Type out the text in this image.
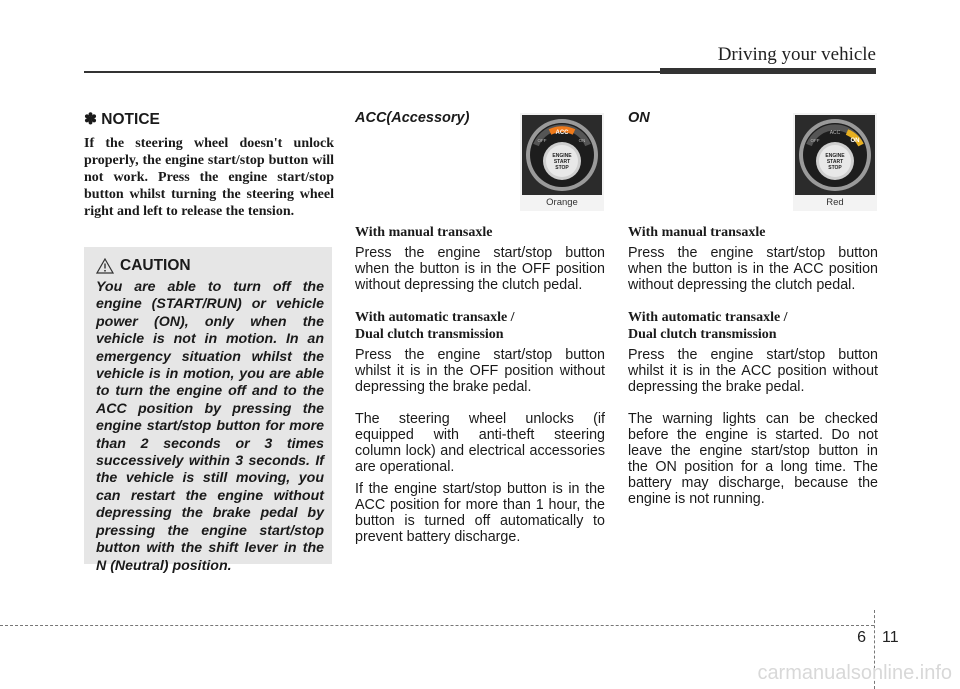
Driving your vehicle

✽ NOTICE

If the steering wheel doesn't unlock properly, the engine start/stop button will not work. Press the engine start/stop button whilst turning the steering wheel right and left to release the tension.

CAUTION

You are able to turn off the engine (START/RUN) or vehicle power (ON), only when the vehicle is not in motion. In an emergency situation whilst the vehicle is in motion, you are able to turn the engine off and to the ACC position by pressing the engine start/stop button for more than 2 seconds or 3 times successively within 3 seconds. If the vehicle is still moving, you can restart the engine without depressing the brake pedal by pressing the engine start/stop button with the shift lever in the N (Neutral) position.

ACC(Accessory)

With manual transaxle

Press the engine start/stop button when the button is in the OFF position without depressing the clutch pedal.

With automatic transaxle /

Dual clutch transmission

Press the engine start/stop button whilst it is in the OFF position without depressing the brake pedal.

The steering wheel unlocks (if equipped with anti-theft steering column lock) and electrical accessories are operational.

If the engine start/stop button is in the ACC position for more than 1 hour, the button is turned off automatically to prevent battery discharge.

ACC
OFF	ON
ENGINE
START
STOP
Orange

ON

With manual transaxle

Press the engine start/stop button when the button is in the ACC position without depressing the clutch pedal.

With automatic transaxle /

Dual clutch transmission

Press the engine start/stop button whilst it is in the ACC position without depressing the brake pedal.

The warning lights can be checked before the engine is started. Do not leave the engine start/stop button in the ON position for a long time. The battery may discharge, because the engine is not running.

ACC
OFF	ON
ENGINE
START
STOP
Red
6 11
carmanualsonline.info
